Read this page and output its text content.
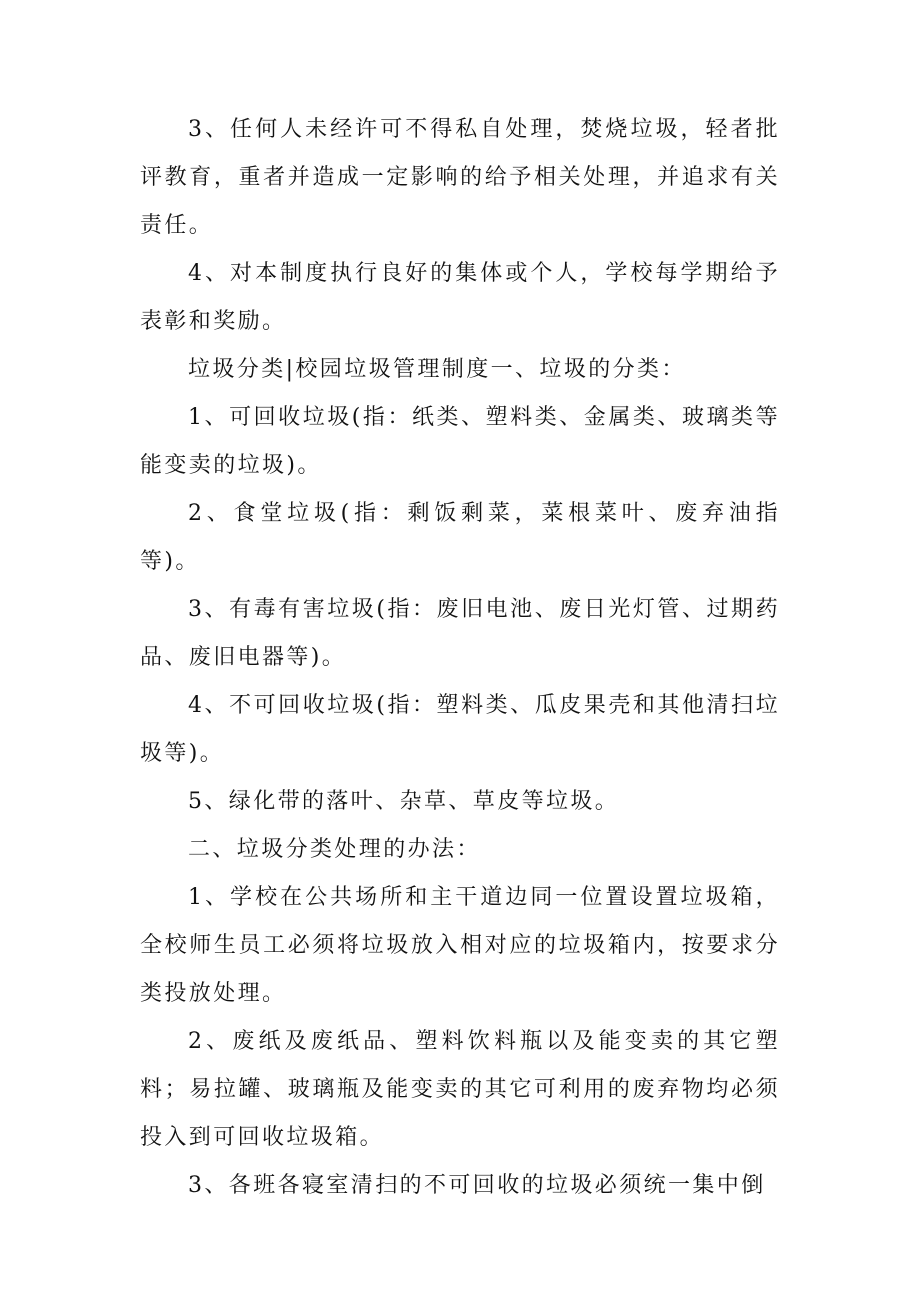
3、任何人未经许可不得私自处理，焚烧垃圾，轻者批评教育，重者并造成一定影响的给予相关处理，并追求有关责任。

4、对本制度执行良好的集体或个人，学校每学期给予表彰和奖励。

垃圾分类|校园垃圾管理制度一、垃圾的分类：

1、可回收垃圾(指：纸类、塑料类、金属类、玻璃类等能变卖的垃圾)。

2、食堂垃圾(指：剩饭剩菜，菜根菜叶、废弃油指等)。

3、有毒有害垃圾(指：废旧电池、废日光灯管、过期药品、废旧电器等)。

4、不可回收垃圾(指：塑料类、瓜皮果壳和其他清扫垃圾等)。

5、绿化带的落叶、杂草、草皮等垃圾。

二、垃圾分类处理的办法：

1、学校在公共场所和主干道边同一位置设置垃圾箱，全校师生员工必须将垃圾放入相对应的垃圾箱内，按要求分类投放处理。

2、废纸及废纸品、塑料饮料瓶以及能变卖的其它塑料；易拉罐、玻璃瓶及能变卖的其它可利用的废弃物均必须投入到可回收垃圾箱。

3、各班各寝室清扫的不可回收的垃圾必须统一集中倒
